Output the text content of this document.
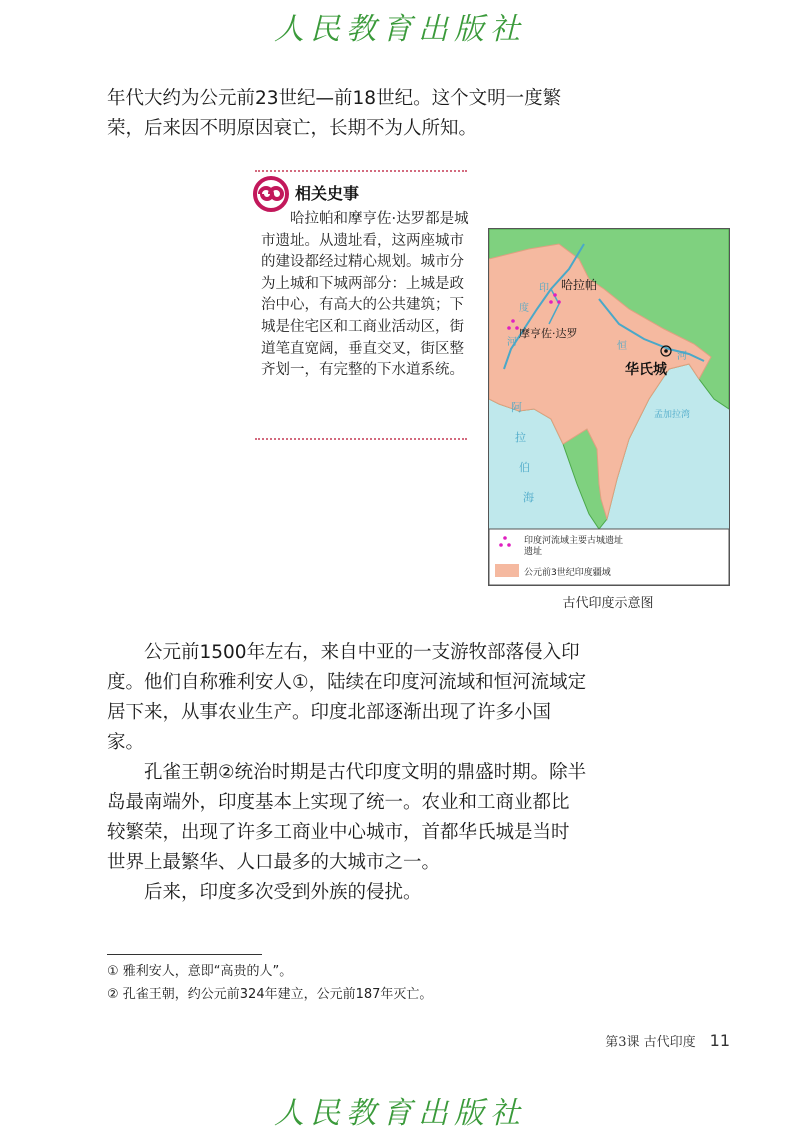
人民教育出版社

年代大约为公元前23世纪—前18世纪。这个文明一度繁荣，后来因不明原因衰亡，长期不为人所知。

相关史事

哈拉帕和摩亨佐·达罗都是城市遗址。从遗址看，这两座城市的建设都经过精心规划。城市分为上城和下城两部分：上城是政治中心，有高大的公共建筑；下城是住宅区和工商业活动区，街道笔直宽阔，垂直交叉，街区整齐划一，有完整的下水道系统。

印度河流域主要古城遗址
遗址
公元前3世纪印度疆域
哈拉帕
摩亨佐·达罗
华氏城
印
度
河	恒
河
阿
拉
伯
海
孟加拉湾
古代印度示意图

公元前1500年左右，来自中亚的一支游牧部落侵入印度。他们自称雅利安人①，陆续在印度河流域和恒河流域定居下来，从事农业生产。印度北部逐渐出现了许多小国家。

孔雀王朝②统治时期是古代印度文明的鼎盛时期。除半岛最南端外，印度基本上实现了统一。农业和工商业都比较繁荣，出现了许多工商业中心城市，首都华氏城是当时世界上最繁华、人口最多的大城市之一。

后来，印度多次受到外族的侵扰。

① 雅利安人，意即“高贵的人”。
② 孔雀王朝，约公元前324年建立，公元前187年灭亡。
第3课 古代印度 11
人民教育出版社
